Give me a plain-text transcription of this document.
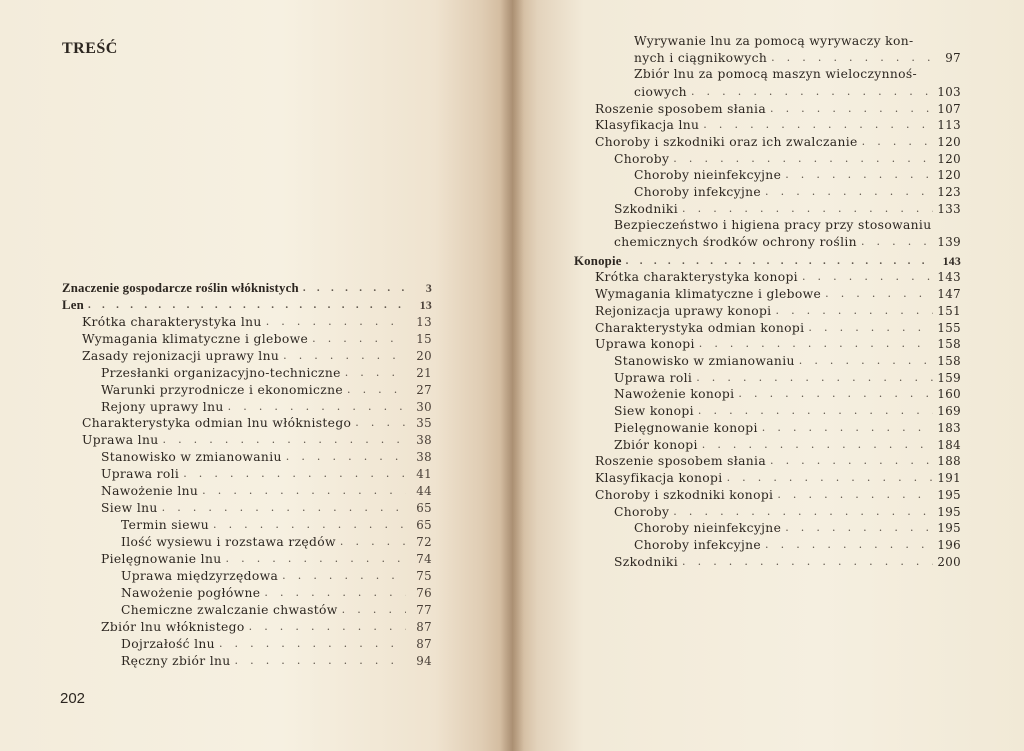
TREŚĆ
Znaczenie gospodarcze roślin włóknistych . . .	3
Len . . .	13
Krótka charakterystyka lnu . . .	13
Wymagania klimatyczne i glebowe . . .	15
Zasady rejonizacji uprawy lnu . . .	20
Przesłanki organizacyjno-techniczne . . .	21
Warunki przyrodnicze i ekonomiczne . . .	27
Rejony uprawy lnu . . .	30
Charakterystyka odmian lnu włóknistego . . .	35
Uprawa lnu . . .	38
Stanowisko w zmianowaniu . . .	38
Uprawa roli . . .	41
Nawożenie lnu . . .	44
Siew lnu . . .	65
Termin siewu . . .	65
Ilość wysiewu i rozstawa rzędów . . .	72
Pielęgnowanie lnu . . .	74
Uprawa międzyrzędowa . . .	75
Nawożenie pogłówne . . .	76
Chemiczne zwalczanie chwastów . . .	77
Zbiór lnu włóknistego . . .	87
Dojrzałość lnu . . .	87
Ręczny zbiór lnu . . .	94
202
Wyrywanie lnu za pomocą wyrywaczy kon-
nych i ciągnikowych . . .	97
Zbiór lnu za pomocą maszyn wieloczynnoś-
ciowych . . .	103
Roszenie sposobem słania . . .	107
Klasyfikacja lnu . . .	113
Choroby i szkodniki oraz ich zwalczanie . . .	120
Choroby . . .	120
Choroby nieinfekcyjne . . .	120
Choroby infekcyjne . . .	123
Szkodniki . . .	133
Bezpieczeństwo i higiena pracy przy stosowaniu
chemicznych środków ochrony roślin . . .	139
Konopie . . .	143
Krótka charakterystyka konopi . . .	143
Wymagania klimatyczne i glebowe . . .	147
Rejonizacja uprawy konopi . . .	151
Charakterystyka odmian konopi . . .	155
Uprawa konopi . . .	158
Stanowisko w zmianowaniu . . .	158
Uprawa roli . . .	159
Nawożenie konopi . . .	160
Siew konopi . . .	169
Pielęgnowanie konopi . . .	183
Zbiór konopi . . .	184
Roszenie sposobem słania . . .	188
Klasyfikacja konopi . . .	191
Choroby i szkodniki konopi . . .	195
Choroby . . .	195
Choroby nieinfekcyjne . . .	195
Choroby infekcyjne . . .	196
Szkodniki . . .	200
